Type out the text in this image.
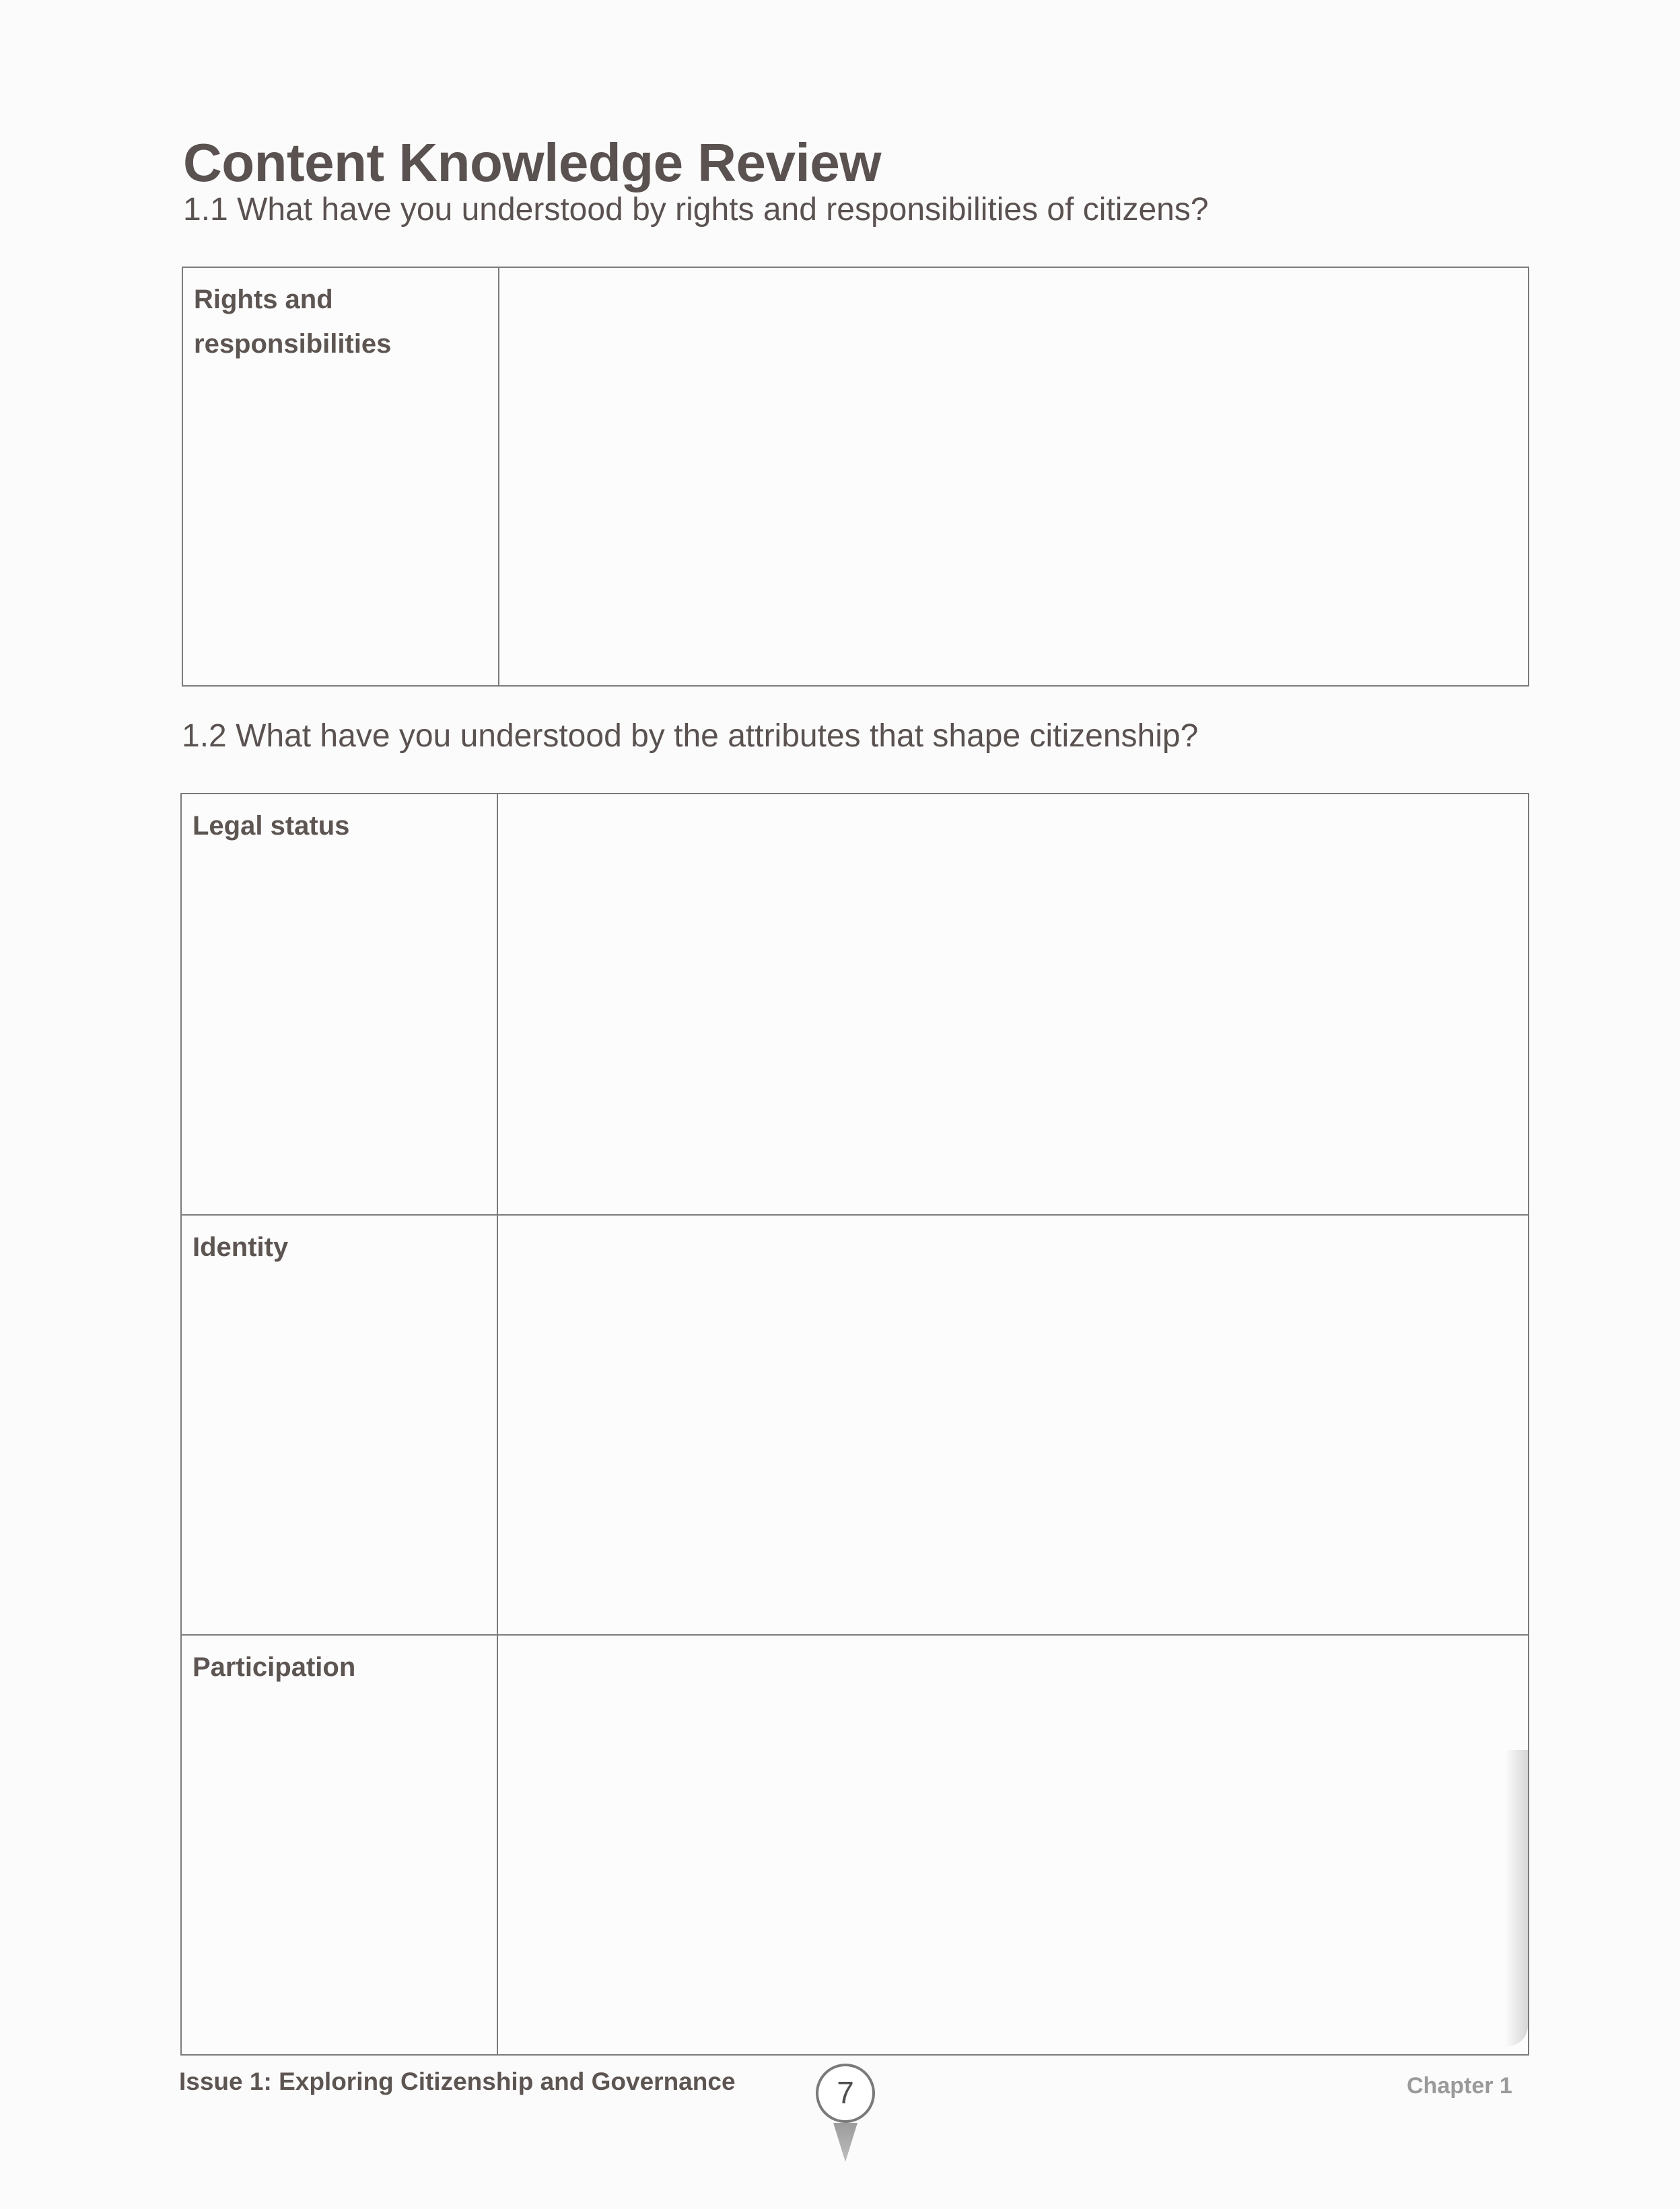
Content Knowledge Review
1.1 What have you understood by rights and responsibilities of citizens?
Rights and
responsibilities
1.2 What have you understood by the attributes that shape citizenship?
Legal status
Identity
Participation
Issue 1: Exploring Citizenship and Governance	7	Chapter 1
